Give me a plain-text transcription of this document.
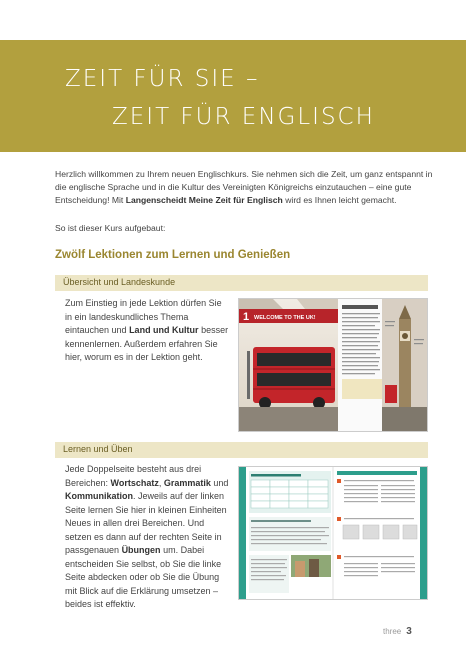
ZEIT FÜR SIE –
ZEIT FÜR ENGLISCH

Herzlich willkommen zu Ihrem neuen Englischkurs. Sie nehmen sich die Zeit, um ganz entspannt in die englische Sprache und in die Kultur des Vereinigten Königreichs einzutauchen – eine gute Entscheidung! Mit Langenscheidt Meine Zeit für Englisch wird es Ihnen leicht gemacht.

So ist dieser Kurs aufgebaut:

Zwölf Lektionen zum Lernen und Genießen
Übersicht und Landeskunde

Zum Einstieg in jede Lektion dürfen Sie in ein landeskundliches Thema eintauchen und Land und Kultur besser kennenlernen. Außerdem erfahren Sie hier, worum es in der Lektion geht.

1 WELCOME TO THE UK!
Lernen und Üben

Jede Doppelseite besteht aus drei Bereichen: Wortschatz, Grammatik und Kommunikation. Jeweils auf der linken Seite lernen Sie hier in kleinen Einheiten Neues in allen drei Bereichen. Und setzen es dann auf der rechten Seite in passgenauen Übungen um. Dabei entscheiden Sie selbst, ob Sie die linke Seite abdecken oder ob Sie die Übung mit Blick auf die Erklärung umsetzen – beides ist effektiv.

three 3
